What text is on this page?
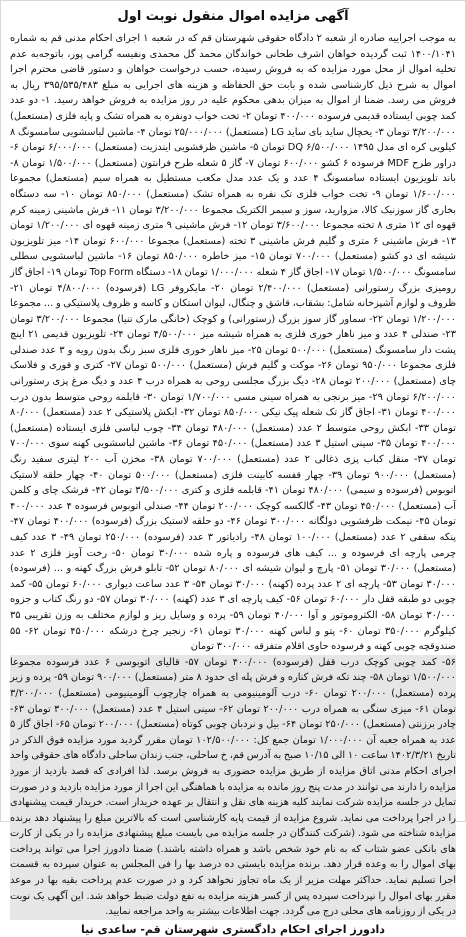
آگهی مزایده اموال منقول نوبت اول

به موجب اجراییه صادره از شعبه ۲ دادگاه حقوقی شهرستان قم که در شعبه ۱ اجرای احکام مدنی قم به شماره ۱۴۰۰/۱۰۴۱ ثبت گردیده خواهان اشرف طحانی خواندگان محمد گل محمدی ونفیسه گرامی پور، باتوجه‌به عدم تخلیه اموال از محل مورد مزایده که به فروش رسیده، حسب درخواست خواهان و دستور قاضی محترم اجرا اموال به شرح ذیل کارشناسی شده و بابت حق الحفاظه و هزینه های اجرایی به مبلغ ۳۹۵/۵۳۵/۴۸۳ ریال به فروش می رسد. ضمنا از اموال به میزان بدهی محکوم علیه در روز مزایده به فروش خواهد رسید. ۱- دو عدد کمد چوبی ایستاده قدیمی فرسوده ۴۰۰/۰۰۰ تومان ۲- تخت خواب دونفره به همراه تشک و پایه فلزی (مستعمل) ۳/۲۰۰/۰۰۰ تومان ۳- یخچال ساید بای ساید LG (مستعمل) ۲۵/۰۰۰/۰۰۰ تومان ۴- ماشین لباسشویی سامسونگ ۸ کیلویی کره ای مدل ۱۴۹۵ DQ ۶/۵۰۰/۰۰۰ تومان ۵- ماشین ظرفشویی ایندزیت (مستعمل) ۶/۰۰۰/۰۰۰ تومان ۶- دراور طرح MDF فرسوده ۶ کشو ۶۰۰/۰۰۰ تومان ۷- گاز ۵ شعله طرح فرانتون (مستعمل) ۱/۵۰۰/۰۰۰ تومان ۸- باند تلویزیون ایستاده سامسونگ ۴ عدد و یک عدد مدل مکعب مستطیل به همراه سیم (مستعمل) مجموعا ۱/۶۰۰/۰۰۰ تومان ۹- تخت خواب فلزی تک نفره به همراه تشک (مستعمل) ۸۵۰/۰۰۰ تومان ۱۰- سه دستگاه بخاری گاز سوزنیک کالا، مزوارید، سوز و سیمر الکتریک مجموعا ۳/۲۰۰/۰۰۰ تومان ۱۱- فرش ماشینی زمینه کرم قهوه ای ۱۲ متری ۸ تخته مجموعا ۳/۶۰۰/۰۰۰ تومان ۱۲- فرش ماشینی ۹ متری زمینه قهوه ای ۱/۲۰۰/۰۰۰ تومان ۱۳- فرش ماشینی ۶ متری و گلیم فرش ماشینی ۳ تخته (مستعمل) مجموعا ۶۰۰/۰۰۰ تومان ۱۴- میز تلویزیون شیشه ای دو کشو (مستعمل) ۷۰۰/۰۰۰ تومان ۱۵- میز خاطره ۸۵۰/۰۰۰ تومان ۱۶- ماشین لباسشویی سطلی سامسونگ ۱/۵۰۰/۰۰۰ تومان ۱۷- اجاق گاز ۴ شعله ۱/۰۰۰/۰۰۰ تومان ۱۸- دستگاه Top Form تومان ۱۹- اجاق گاز رومیزی بزرگ رستورانی (مستعمل) ۲/۴۰۰/۰۰۰ تومان ۲۰- مایکروفر LG (فرسوده) ۴/۸۰۰/۰۰۰ تومان ۲۱- ظروف و لوازم آشپزخانه شامل: بشقاب، قاشق و چنگال، لیوان استکان و کاسه و ظروف پلاستیکی و ... مجموعا ۱/۲۰۰/۰۰۰ تومان ۲۲- سماور گاز سوز بزرگ (رستورانی) و کوچک (خانگی مارک تنیا) مجموعا ۳/۲۰۰/۰۰۰ تومان ۲۳- صندلی ۴ عدد و میز ناهار خوری فلزی به همراه شیشه میز ۴/۵۰۰/۰۰۰ تومان ۲۴- تلویزیون قدیمی ۲۱ اینچ پشت دار سامسونگ (مستعمل) ۵۰۰/۰۰۰ تومان ۲۵- میز ناهار خوری فلزی سبز رنگ بدون رویه و ۳ عدد صندلی فلزی مجموعا ۹۵۰/۰۰۰ تومان ۲۶- موکت و گلیم فرش (مستعمل) ۵۰۰/۰۰۰ تومان ۲۷- کتری و قوری و فلاسک چای (مستعمل) ۲۰۰/۰۰۰ تومان ۲۸- دیگ بزرگ مجلسی روحی به همراه درب ۴ عدد و دیگ مرغ پزی رستورانی ۶/۲۰۰/۰۰۰ تومان ۲۹- میز برنجی به همراه سینی مسی ۱/۷۰۰/۰۰۰ تومان ۳۰- قابلمه روحی متوسط بدون درب ۴۰۰/۰۰۰ تومان ۳۱- اجاق گاز تک شعله پیک نیکی ۸۵۰/۰۰۰ تومان ۳۲- ابکش پلاستیکی ۲ عدد (مستعمل) ۸۰/۰۰۰ تومان ۳۳- ابکش روحی متوسط ۲ عدد (مستعمل) ۴۸۰/۰۰۰ تومان ۳۴- چوب لباسی فلزی ایستاده (مستعمل) ۴۰۰/۰۰۰ تومان ۳۵- سینی استیل ۳ عدد (مستعمل) ۴۵۰/۰۰۰ تومان ۳۶- ماشین لباسشویی کهنه سوی ۷۰۰/۰۰۰ تومان ۳۷- منقل کباب پزی ذغالی ۲ عدد (مستعمل) ۷۰۰/۰۰۰ تومان ۳۸- مخزن آب ۲۰۰ لیتری سفید رنگ (مستعمل) ۹۰۰/۰۰۰ تومان ۳۹- چهار قفسه کابینت فلزی (مستعمل) ۵۰۰/۰۰۰ تومان ۴۰- چهار حلقه لاستیک اتوبوس (فرسوده و سیمی) ۴۸۰/۰۰۰ تومان ۴۱- قابلمه فلزی و کتری ۳/۵۰۰/۰۰۰ تومان ۴۲- فرشک چای و کلمن آب (مستعمل) ۴۵۰/۰۰۰ تومان ۴۳- گالکسه کوچک ۲۰۰/۰۰۰ تومان ۴۴- صندلی اتوبوس فرسوده ۴ عدد ۴۰۰/۰۰۰ تومان ۴۵- نیمکت ظرفشویی دولگانه ۳۰۰/۰۰۰ تومان ۴۶- دو حلقه لاستیک بزرگ (فرسوده) ۴۰۰/۰۰۰ تومان ۴۷- پنکه سقفی ۲ عدد (مستعمل) ۱۰۰/۰۰۰ تومان ۴۸- رادیاتور ۳ عدد (فرسوده) ۲۵۰/۰۰۰ تومان ۴۹- ۳ عدد کیف چرمی پارچه ای فرسوده و ... کیف های فرسوده و پاره شده ۳۰/۰۰۰ تومان ۵۰- رخت آویز فلزی ۲ عدد (مستعمل) ۳۰/۰۰۰ تومان ۵۱- پارچ و لیوان شیشه ای ۸۰/۰۰۰ تومان ۵۲- تابلو فرش بزرگ کهنه و ... (فرسوده) ۳۰/۰۰۰ تومان ۵۳- پارچه ای ۲ عدد پرده (کهنه) ۳۰/۰۰۰ تومان ۵۴- ۳ عدد ساعت دیواری ۶۰/۰۰۰ تومان ۵۵- کمد چوبی دو طبقه قفل دار ۶۰/۰۰۰ تومان ۵۶- کیف پارچه ای ۳ عدد (کهنه) ۳۰/۰۰۰ تومان ۵۷- دو رنگ کتاب و جزوه ۳۰/۰۰۰ تومان ۵۸- الکتروموتور و آوا ۴۰/۰۰۰ تومان ۵۹- پرده و وسایل ریز و لوازم مختلف به وزن تقریبی ۳۵ کیلوگرم ۳۵۰/۰۰۰ تومان ۶۰- پتو و لباس کهنه ۳۰/۰۰۰ تومان ۶۱- زنجیر چرخ درشکه ۴۵۰/۰۰۰ تومان ۶۲- ۵۵ صندوقچه چوبی کهنه و فرسوده حاوی اقلام متفرقه ۳۰۰/۰۰۰ تومان

۵۶- کمد چوبی کوچک درب قفل (فرسوده) ۴۰۰/۰۰۰ تومان ۵۷- قالیای اتوبوسی ۶ عدد فرسوده مجموعا ۱/۵۰۰/۰۰۰ تومان ۵۸- چند تکه فرش کناره و فرش پله ای حدود ۸ متر (مستعمل) ۹۰۰/۰۰۰ تومان ۵۹- پرده و زیر پرده (مستعمل) ۲۰۰/۰۰۰ تومان ۶۰- درب آلومینیومی به همراه چارچوب آلومینیومی (مستعمل) ۳/۲۰۰/۰۰۰ تومان ۶۱- میزی سنگی به همراه درب ۲۰۰/۰۰۰ تومان ۶۲- سینی استیل ۴ عدد (مستعمل) ۳۰۰/۰۰۰ تومان ۶۳- چادر برزنتی (مستعمل) ۲۵۰/۰۰۰ تومان ۶۴- بیل و نردبان چوبی کوتاه (مستعمل) ۲۰۰/۰۰۰ تومان ۶۵- اجاق گاز ۵ عدد به همراه جعبه آن ۱/۰۰۰/۰۰۰ تومان جمع کل: ۱۰۲/۵۰۰/۰۰۰ تومان مقرر گردید مورد مزایده فوق الذکر در تاریخ ۱۴۰۲/۳/۲۱ ساعت ۱۰ الی ۱۰/۱۵ صبح به آدرس قم، خ ساحلی، جنب زندان ساحلی دادگاه های حقوقی واحد اجرای احکام مدنی اتاق مزایده از طریق مزایده حضوری به فروش برسد. لذا افرادی که قصد بازدید از مورد مزایده را دارند می توانند در مدت پنج روز مانده به مزایده با هماهنگی این اجرا از مورد مزایده بازدید و در صورت تمایل در جلسه مزایده شرکت نمایند کلیه هزینه های نقل و انتقال بر عهده خریدار است. خریدار قیمت پیشنهادی را در اجرا پرداخت می نماید. شروع مزایده از قیمت پایه کارشناسی است که بالاترین مبلغ را پیشنهاد دهد برنده مزایده شناخته می شود. (شرکت کنندگان در جلسه مزایده می بایست مبلغ پیشنهادی مزایده را در یکی از کارت های بانکی عضو شتاب که به نام خود شخص باشد و همراه داشته باشند.) ضمنا دادورز اجرا می تواند پرداخت بهای اموال را به وعده قرار دهد. برنده مزایده بایستی ده درصد بها را فی المجلس به عنوان سپرده به قسمت اجرا تسلیم نماید. حداکثر مهلت مزیر از یک ماه تجاوز نخواهد کرد و در صورت عدم پرداخت بقیه بها در موعد مقرر بهای اموال را نپرداخت سپرده پس از کسر هزینه مزایده به نفع دولت ضبط خواهد شد. این آگهی یک نوبت در یکی از روزنامه های محلی درج می گردد. جهت اطلاعات بیشتر به واحد مراجعه نمایید.

دادورز اجرای احکام دادگستری شهرستان قم- ساعدی نیا
